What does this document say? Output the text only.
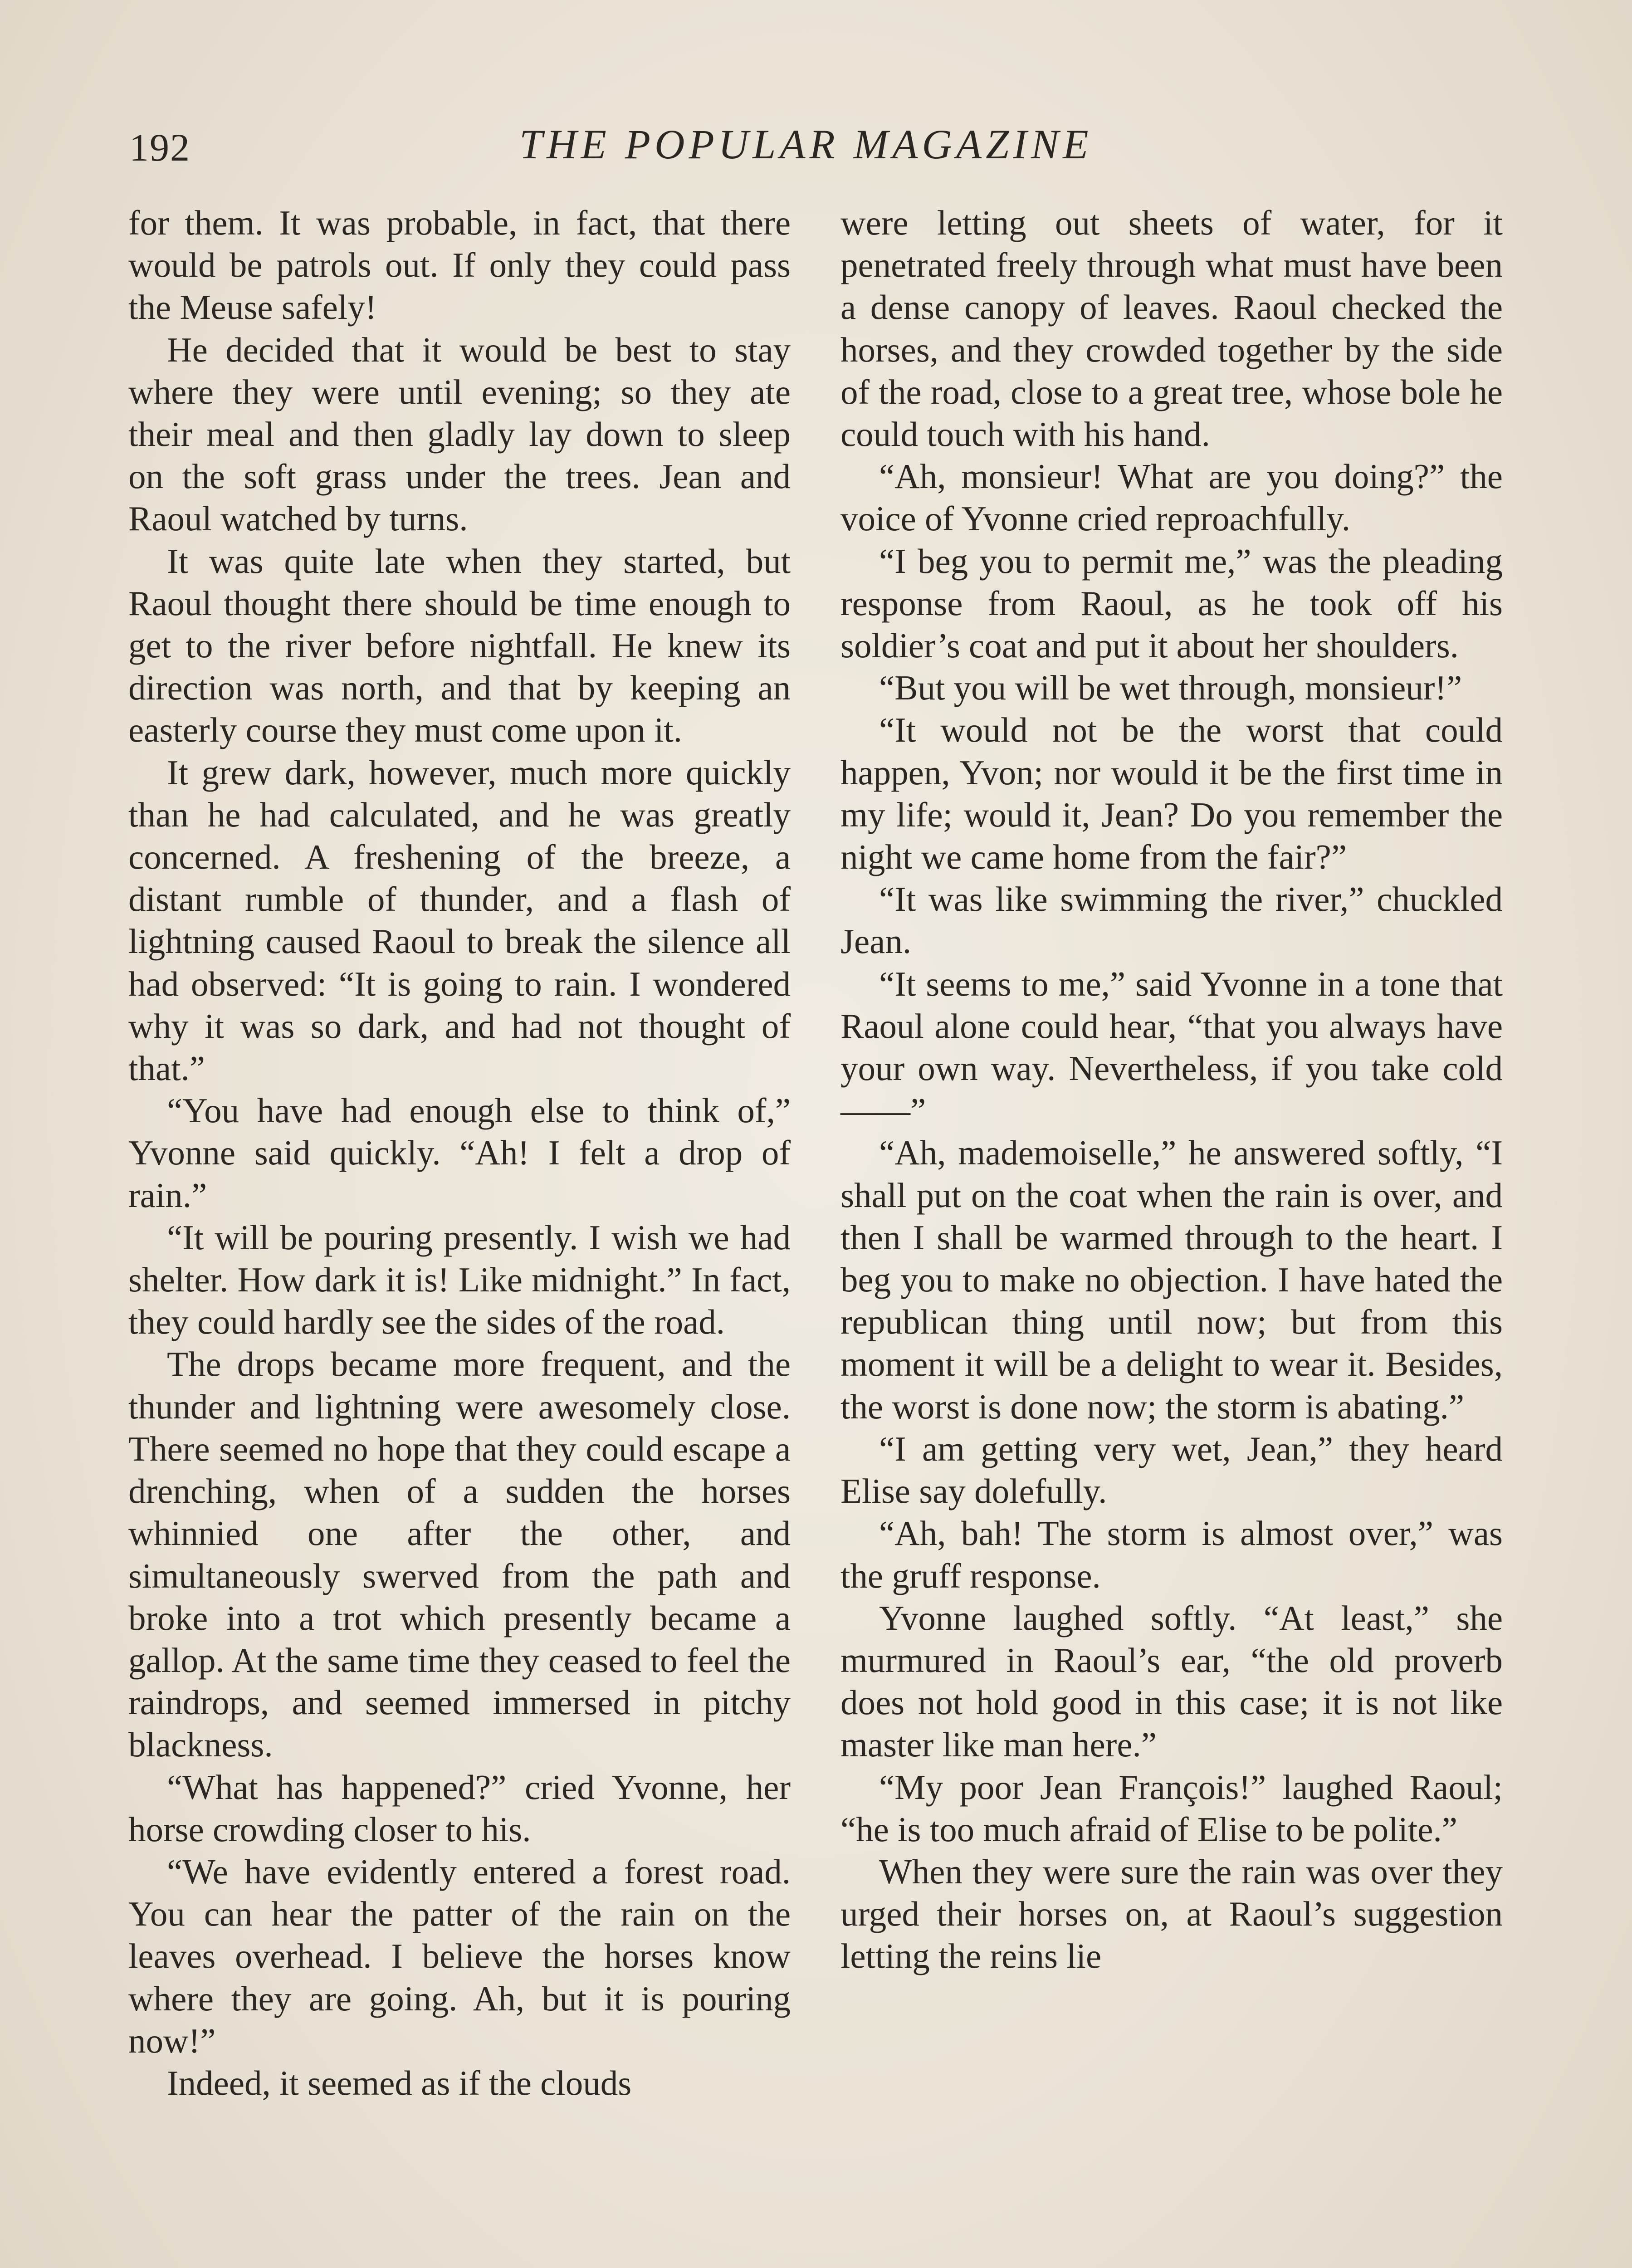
192	THE POPULAR MAGAZINE

for them. It was probable, in fact, that there would be patrols out. If only they could pass the Meuse safely!

He decided that it would be best to stay where they were until evening; so they ate their meal and then gladly lay down to sleep on the soft grass under the trees. Jean and Raoul watched by turns.

It was quite late when they started, but Raoul thought there should be time enough to get to the river before nightfall. He knew its direction was north, and that by keeping an easterly course they must come upon it.

It grew dark, however, much more quickly than he had calculated, and he was greatly concerned. A freshening of the breeze, a distant rumble of thunder, and a flash of lightning caused Raoul to break the silence all had observed: “It is going to rain. I wondered why it was so dark, and had not thought of that.”

“You have had enough else to think of,” Yvonne said quickly. “Ah! I felt a drop of rain.”

“It will be pouring presently. I wish we had shelter. How dark it is! Like midnight.” In fact, they could hardly see the sides of the road.

The drops became more frequent, and the thunder and lightning were awesomely close. There seemed no hope that they could escape a drenching, when of a sudden the horses whinnied one after the other, and simultaneously swerved from the path and broke into a trot which presently became a gallop. At the same time they ceased to feel the raindrops, and seemed immersed in pitchy blackness.

“What has happened?” cried Yvonne, her horse crowding closer to his.

“We have evidently entered a forest road. You can hear the patter of the rain on the leaves overhead. I believe the horses know where they are going. Ah, but it is pouring now!”

Indeed, it seemed as if the clouds

were letting out sheets of water, for it penetrated freely through what must have been a dense canopy of leaves. Raoul checked the horses, and they crowded together by the side of the road, close to a great tree, whose bole he could touch with his hand.

“Ah, monsieur! What are you doing?” the voice of Yvonne cried reproachfully.

“I beg you to permit me,” was the pleading response from Raoul, as he took off his soldier’s coat and put it about her shoulders.

“But you will be wet through, monsieur!”

“It would not be the worst that could happen, Yvon; nor would it be the first time in my life; would it, Jean? Do you remember the night we came home from the fair?”

“It was like swimming the river,” chuckled Jean.

“It seems to me,” said Yvonne in a tone that Raoul alone could hear, “that you always have your own way. Nevertheless, if you take cold——”

“Ah, mademoiselle,” he answered softly, “I shall put on the coat when the rain is over, and then I shall be warmed through to the heart. I beg you to make no objection. I have hated the republican thing until now; but from this moment it will be a delight to wear it. Besides, the worst is done now; the storm is abating.”

“I am getting very wet, Jean,” they heard Elise say dolefully.

“Ah, bah! The storm is almost over,” was the gruff response.

Yvonne laughed softly. “At least,” she murmured in Raoul’s ear, “the old proverb does not hold good in this case; it is not like master like man here.”

“My poor Jean François!” laughed Raoul; “he is too much afraid of Elise to be polite.”

When they were sure the rain was over they urged their horses on, at Raoul’s suggestion letting the reins lie
